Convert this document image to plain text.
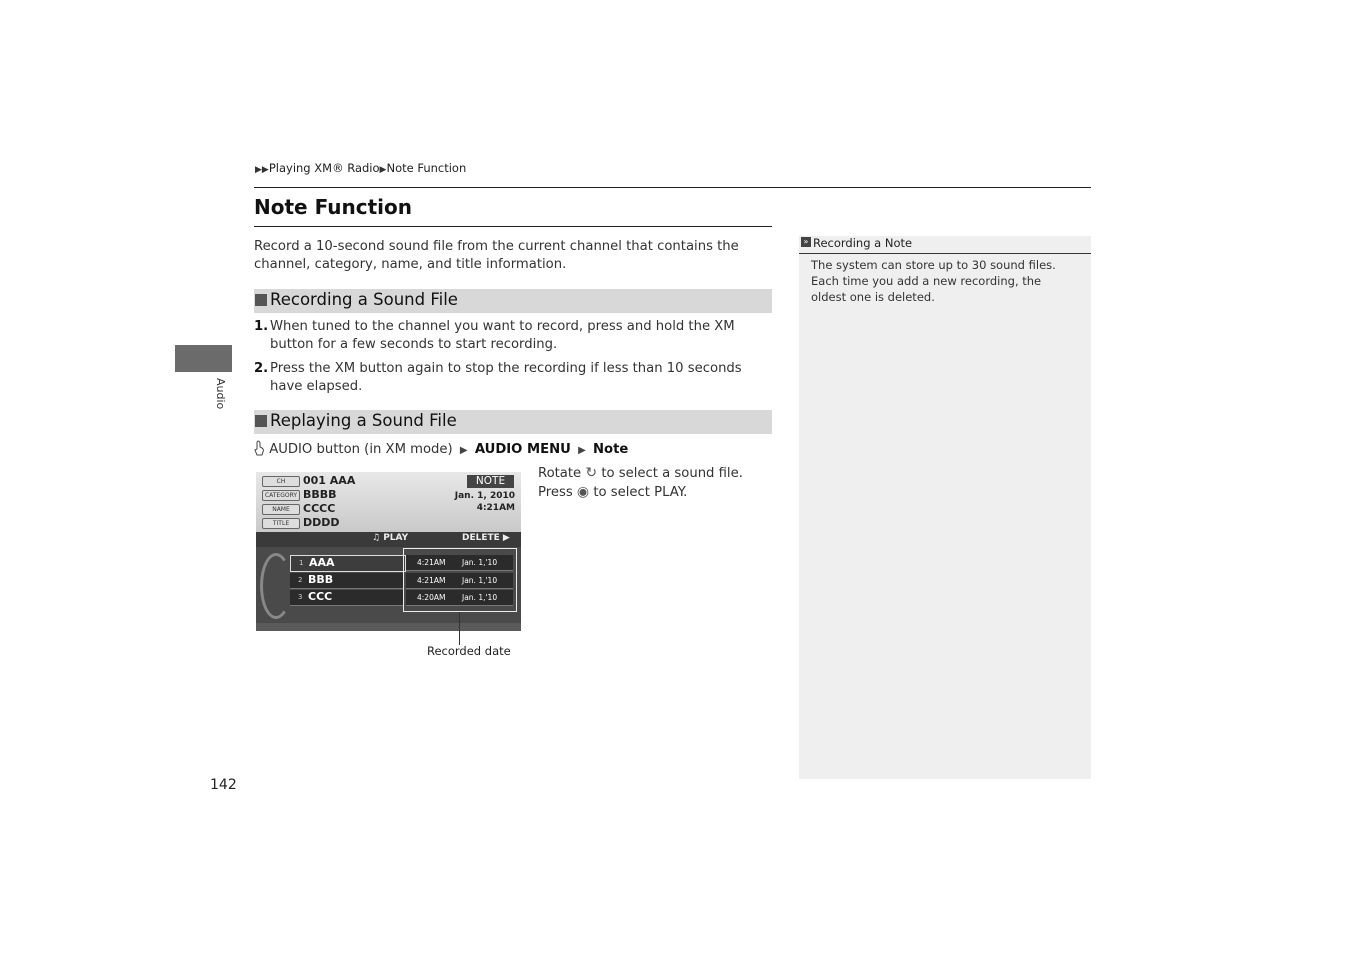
▶▶Playing XM® Radio▶Note Function
Note Function
Record a 10-second sound file from the current channel that contains the channel, category, name, and title information.
Recording a Sound File
1. When tuned to the channel you want to record, press and hold the XM button for a few seconds to start recording.
2. Press the XM button again to stop the recording if less than 10 seconds have elapsed.
Replaying a Sound File
AUDIO button (in XM mode) ▶ AUDIO MENU ▶ Note
CH	001 AAA
CATEGORY BBBB
NAME	CCCC
TITLE	DDDD
NOTE
Jan. 1, 2010
4:21AM
♫ PLAY	DELETE ▶
1 AAA	4:21AM Jan. 1,'10
2 BBB	4:21AM Jan. 1,'10
3 CCC	4:20AM Jan. 1,'10
Recorded date
Rotate ↻ to select a sound file. Press ◉ to select PLAY.
» Recording a Note
The system can store up to 30 sound files. Each time you add a new recording, the oldest one is deleted.
Audio
142
